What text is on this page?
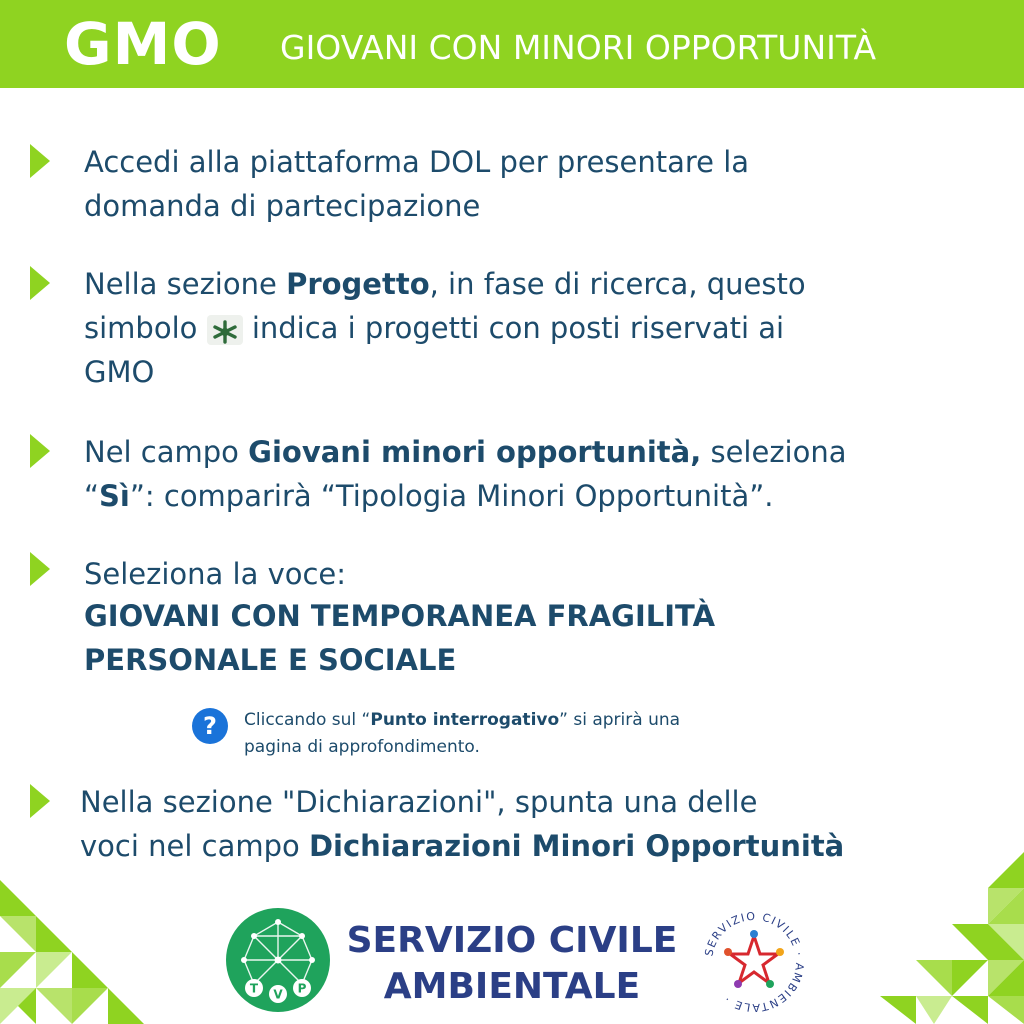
GMO GIOVANI CON MINORI OPPORTUNITÀ
Accedi alla piattaforma DOL per presentare la
domanda di partecipazione
Nella sezione Progetto, in fase di ricerca, questo
simbolo indica i progetti con posti riservati ai
GMO
Nel campo Giovani minori opportunità, seleziona
“Sì”: comparirà “Tipologia Minori Opportunità”.
Seleziona la voce:
GIOVANI CON TEMPORANEA FRAGILITÀ
PERSONALE E SOCIALE
?	Cliccando sul “Punto interrogativo” si aprirà una
pagina di approfondimento.
Nella sezione "Dichiarazioni", spunta una delle
voci nel campo Dichiarazioni Minori Opportunità
T V P
SERVIZIO CIVILE
AMBIENTALE
SERVIZIO CIVILE · AMBIENTALE ·
